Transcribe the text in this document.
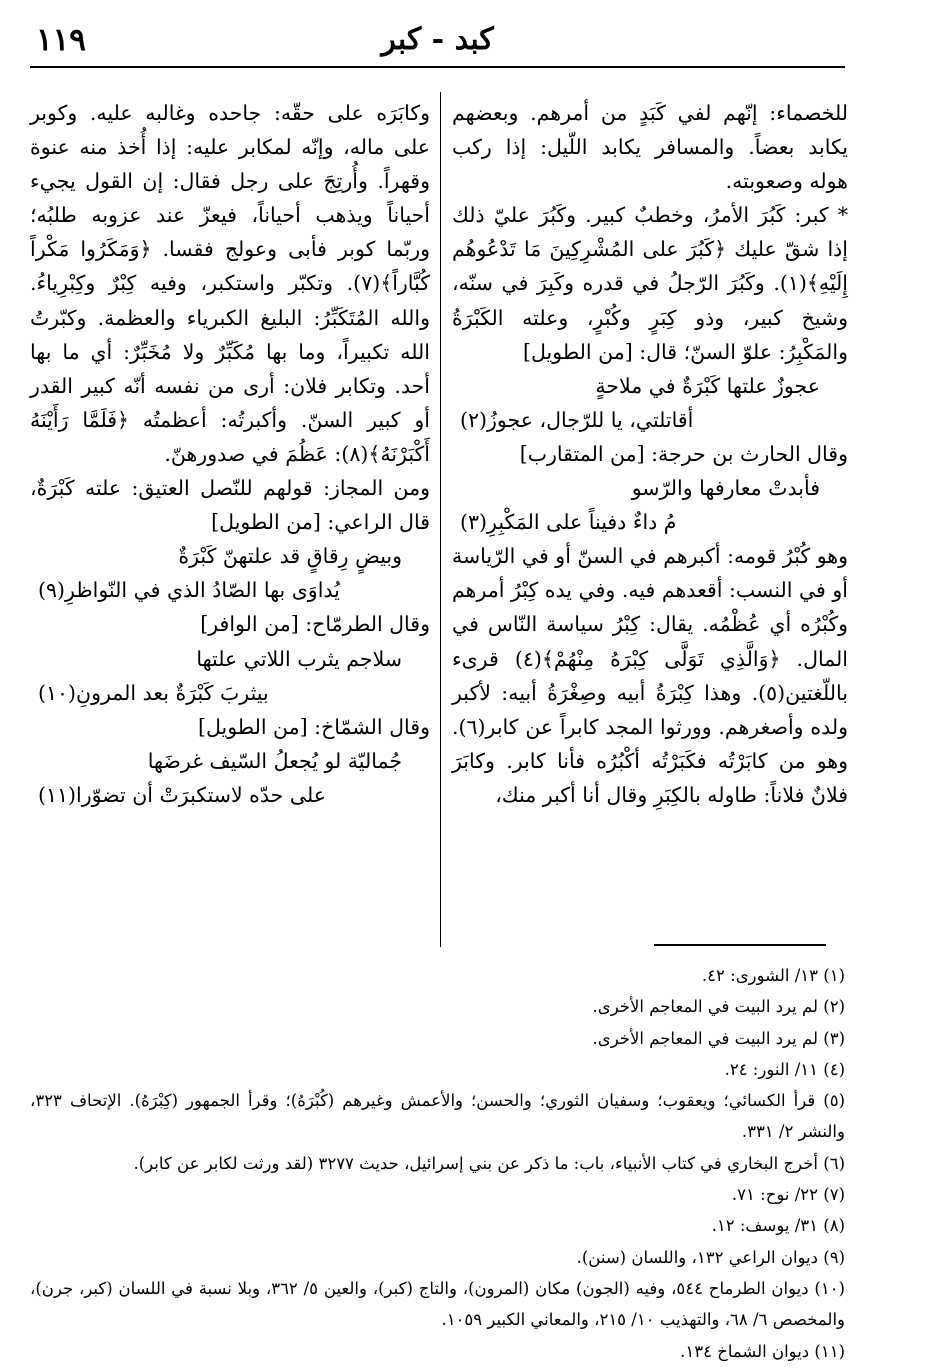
١١٩	كبد - كبر

للخصماء: إنّهم لفي كَبَدٍ من أمرهم. وبعضهم يكابد بعضاً. والمسافر يكابد اللّيل: إذا ركب هوله وصعوبته.

* كبر: كَبُرَ الأمرُ، وخطبٌ كبير. وكَبُرَ عليّ ذلك إذا شقّ عليك ﴿كَبُرَ على المُشْرِكِينَ مَا تَدْعُوهُم إِلَيْهِ﴾(١). وكَبُرَ الرّجلُ في قدره وكَبِرَ في سنّه، وشيخ كبير، وذو كِبَرٍ وكُبْرٍ، وعلته الكَبْرَةُ والمَكْبِرُ: علوّ السنّ؛ قال: [من الطويل]

عجوزٌ علتها كَبْرَةٌ في ملاحةٍ

أقاتلتي، يا للرّجال، عجوزُ(٢)

وقال الحارث بن حرجة: [من المتقارب]

فأبدتْ معارفها والرّسو

مُ داءٌ دفيناً على المَكْبِرِ(٣)

وهو كُبْرُ قومه: أكبرهم في السنّ أو في الرّياسة أو في النسب: أقعدهم فيه. وفي يده كِبْرُ أمرهم وكُبْرُه أي عُظْمُه. يقال: كِبْرُ سياسة النّاس في المال. ﴿وَالَّذِي تَوَلَّى كِبْرَهُ مِنْهُمْ﴾(٤) قرىء باللّغتين(٥). وهذا كِبْرَةُ أبيه وصِغْرَةُ أبيه: لأكبر ولده وأصغرهم. وورثوا المجد كابراً عن كابر(٦). وهو من كابَرْتُه فكَبَرْتُه أكْبُرُه فأنا كابر. وكابَرَ فلانٌ فلاناً: طاوله بالكِبَرِ وقال أنا أكبر منك،

وكابَرَه على حقّه: جاحده وغالبه عليه. وكوبر على ماله، وإنّه لمكابر عليه: إذا أُخذ منه عنوة وقهراً. وأُرتِجَ على رجل فقال: إن القول يجيء أحياناً ويذهب أحياناً، فيعزّ عند عزوبه طلبُه؛ وربّما كوبر فأبى وعولج فقسا. ﴿وَمَكَرُوا مَكْراً كُبَّاراً﴾(٧). وتكبّر واستكبر، وفيه كِبْرٌ وكِبْرِياءُ. والله المُتَكَبِّرُ: البليغ الكبرياء والعظمة. وكبّرتُ الله تكبيراً، وما بها مُكَبِّرٌ ولا مُخَبِّرٌ: أي ما بها أحد. وتكابر فلان: أرى من نفسه أنّه كبير القدر أو كبير السنّ. وأكبرتُه: أعظمتُه ﴿فَلَمَّا رَأَيْنَهُ أَكْبَرْنَهُ﴾(٨): عَظُمَ في صدورهنّ.

ومن المجاز: قولهم للنّصل العتيق: علته كَبْرَةٌ، قال الراعي: [من الطويل]

وبيضٍ رِقاقٍ قد علتهنّ كَبْرَةٌ

يُداوَى بها الصّادُ الذي في النّواظرِ(٩)

وقال الطرمّاح: [من الوافر]

سلاجم يثرب اللاتي علتها

بيثربَ كَبْرَةٌ بعد المرونِ(١٠)

وقال الشمّاخ: [من الطويل]

جُماليّة لو يُجعلُ السّيف غرضَها

على حدّه لاستكبرَتْ أن تضوّرا(١١)

(١) ١٣/ الشورى: ٤٢.

(٢) لم يرد البيت في المعاجم الأخرى.

(٣) لم يرد البيت في المعاجم الأخرى.

(٤) ١١/ النور: ٢٤.

(٥) قرأ الكسائي؛ ويعقوب؛ وسفيان الثوري؛ والحسن؛ والأعمش وغيرهم (كُبْرَهُ)؛ وقرأ الجمهور (كِبْرَهُ). الإتحاف ٣٢٣، والنشر ٢/ ٣٣١.

(٦) أخرج البخاري في كتاب الأنبياء، باب: ما ذكر عن بني إسرائيل، حديث ٣٢٧٧ (لقد ورثت لكابر عن كابر).

(٧) ٢٢/ نوح: ٧١.

(٨) ٣١/ يوسف: ١٢.

(٩) ديوان الراعي ١٣٢، واللسان (سنن).

(١٠) ديوان الطرماح ٥٤٤، وفيه (الجون) مكان (المرون)، والتاج (كبر)، والعين ٥/ ٣٦٢، وبلا نسبة في اللسان (كبر، جرن)، والمخصص ٦/ ٦٨، والتهذيب ١٠/ ٢١٥، والمعاني الكبير ١٠٥٩.

(١١) ديوان الشماخ ١٣٤.
